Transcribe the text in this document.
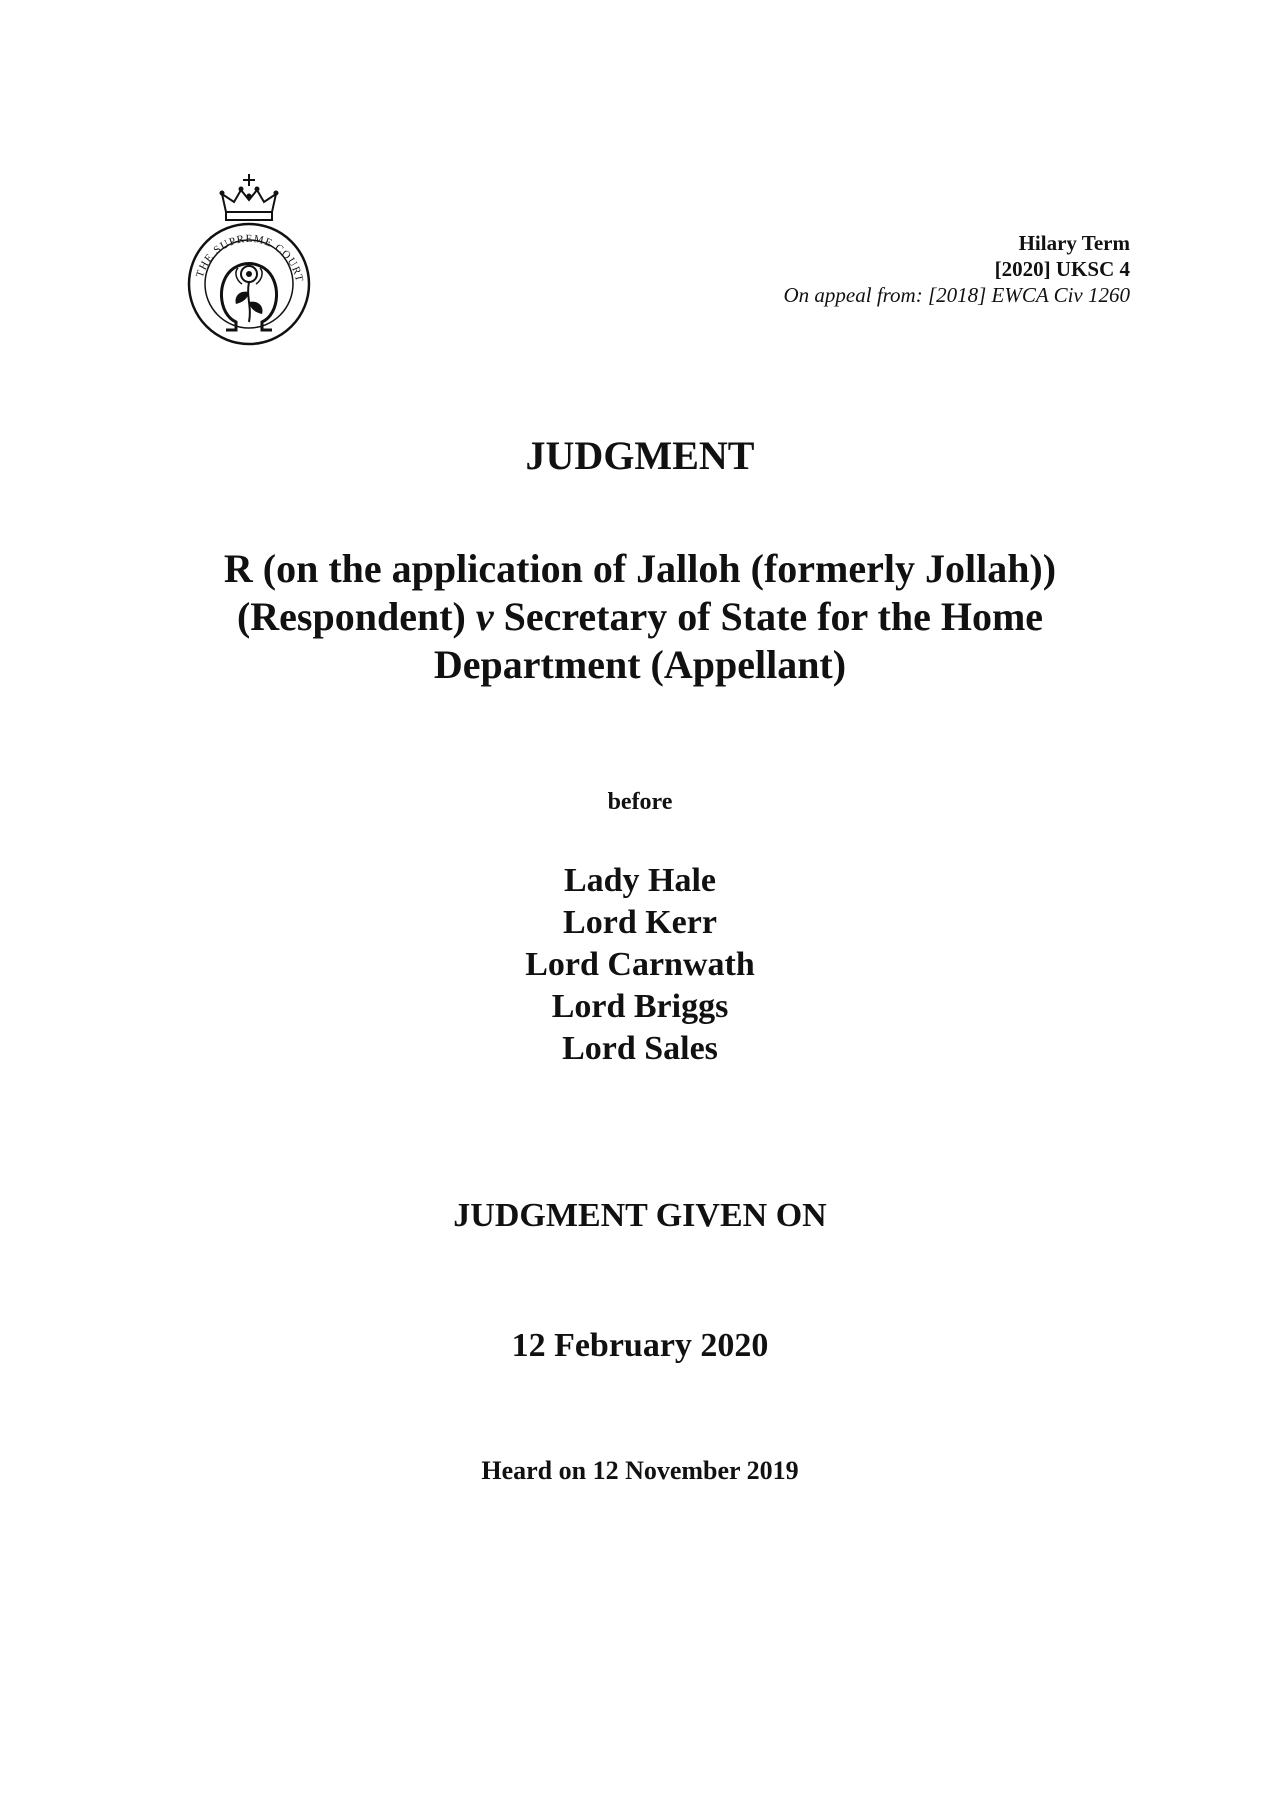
THE SUPREME COURT
Hilary Term
[2020] UKSC 4
On appeal from: [2018] EWCA Civ 1260
JUDGMENT
R (on the application of Jalloh (formerly Jollah))
(Respondent) v Secretary of State for the Home
Department (Appellant)
before
Lady Hale
Lord Kerr
Lord Carnwath
Lord Briggs
Lord Sales
JUDGMENT GIVEN ON
12 February 2020
Heard on 12 November 2019
